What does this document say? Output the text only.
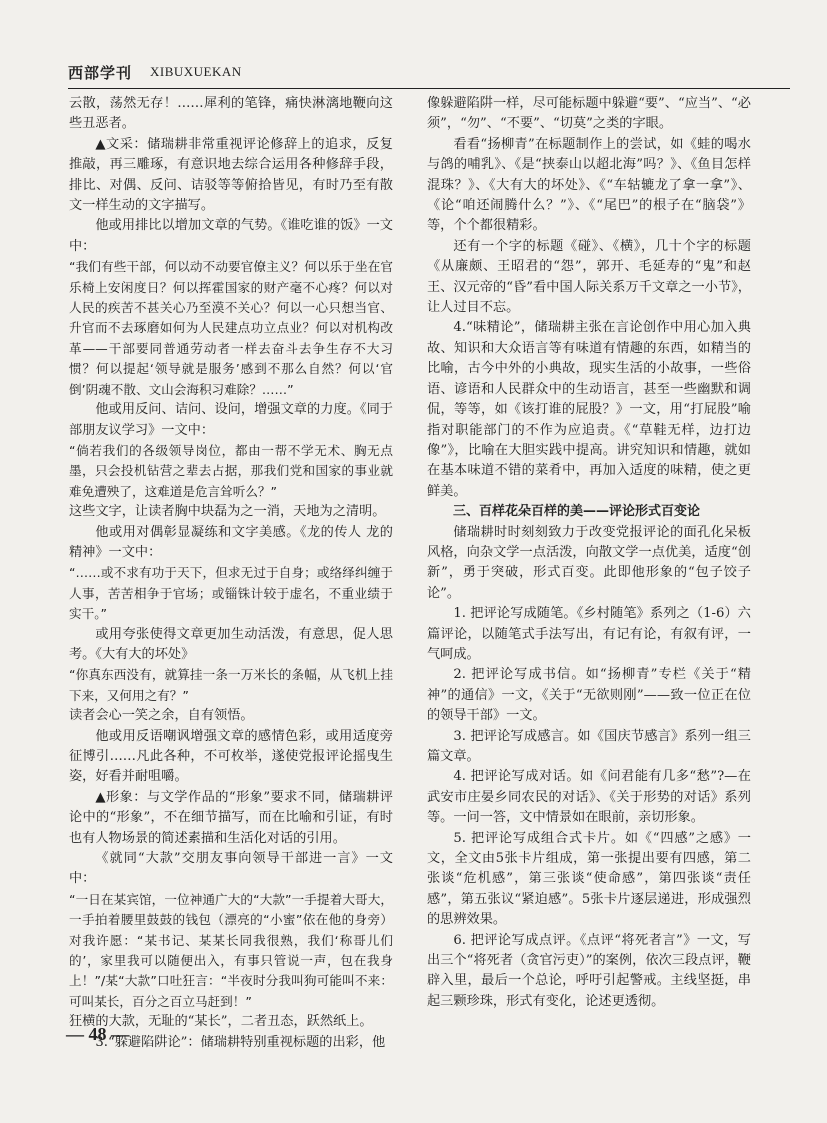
西部学刊 XIBUXUEKAN

云散，荡然无存！……犀利的笔锋，痛快淋漓地鞭向这些丑恶者。

▲文采：储瑞耕非常重视评论修辞上的追求，反复推敲，再三雕琢，有意识地去综合运用各种修辞手段，排比、对偶、反问、诘驳等等俯拾皆见，有时乃至有散文一样生动的文字描写。

他或用排比以增加文章的气势。《谁吃谁的饭》一文中：

“我们有些干部，何以动不动要官僚主义？何以乐于坐在官乐椅上安闲度日？何以挥霍国家的财产毫不心疼？何以对人民的疾苦不甚关心乃至漠不关心？何以一心只想当官、升官而不去琢磨如何为人民建点功立点业？何以对机构改革——干部要同普通劳动者一样去奋斗去争生存不大习惯？何以提起‘领导就是服务’感到不那么自然？何以‘官倒’阴魂不散、文山会海积习难除？……”

他或用反问、诘问、设问，增强文章的力度。《同于部朋友议学习》一文中：

“倘若我们的各级领导岗位，都由一帮不学无术、胸无点墨，只会投机钻营之辈去占据，那我们党和国家的事业就难免遭殃了，这难道是危言耸听么？”

这些文字，让读者胸中块磊为之一消，天地为之清明。

他或用对偶彰显凝练和文字美感。《龙的传人 龙的精神》一文中：

“……或不求有功于天下，但求无过于自身；或络绎纠缠于人事，苦苦相争于官场；或锱铢计较于虚名，不重业绩于实干。”

或用夸张使得文章更加生动活泼，有意思，促人思考。《大有大的坏处》

“你真东西没有，就算挂一条一万米长的条幅，从飞机上挂下来，又何用之有？”

读者会心一笑之余，自有领悟。

他或用反语嘲讽增强文章的感情色彩，或用适度旁征博引……凡此各种，不可枚举，遂使党报评论摇曳生姿，好看并耐咀嚼。

▲形象：与文学作品的“形象”要求不同，储瑞耕评论中的“形象”，不在细节描写，而在比喻和引证，有时也有人物场景的简述素描和生活化对话的引用。

《就同“大款”交朋友事向领导干部进一言》一文中：

“一日在某宾馆，一位神通广大的“大款”一手提着大哥大，一手拍着腰里鼓鼓的钱包（漂亮的“小蜜”依在他的身旁）对我许愿：“某书记、某某长同我很熟，我们‘称哥儿们的’，家里我可以随便出入，有事只管说一声，包在我身上！”/某“大款”口吐狂言：“半夜时分我叫狗可能叫不来：可叫某长，百分之百立马赶到！”

狂横的大款，无耻的“某长”，二者丑态，跃然纸上。

3.“躲避陷阱论”：储瑞耕特别重视标题的出彩，他

像躲避陷阱一样，尽可能标题中躲避“要”、“应当”、“必须”，“勿”、“不要”、“切莫”之类的字眼。

看看“扬柳青”在标题制作上的尝试，如《蛙的喝水与鸽的哺乳》、《是“挟泰山以超北海”吗？》、《鱼目怎样混珠？》、《大有大的坏处》、《“车轱辘龙了拿一拿”》、《论“咱还闹腾什么？”》、《“尾巴”的根子在“脑袋”》等，个个都很精彩。

还有一个字的标题《碰》、《横》，几十个字的标题《从廉颇、王昭君的“怨”，郭开、毛延寿的“鬼”和赵王、汉元帝的“昏”看中国人际关系万千文章之一小节》，让人过目不忘。

4.“味精论”，储瑞耕主张在言论创作中用心加入典故、知识和大众语言等有味道有情趣的东西，如精当的比喻，古今中外的小典故，现实生活的小故事，一些俗语、谚语和人民群众中的生动语言，甚至一些幽默和调侃，等等，如《该打谁的屁股？》一文，用“打屁股”喻指对职能部门的不作为应追责。《“草鞋无样，边打边像”》，比喻在大胆实践中提高。讲究知识和情趣，就如在基本味道不错的菜肴中，再加入适度的味精，使之更鲜美。

三、百样花朵百样的美——评论形式百变论

储瑞耕时时刻刻致力于改变党报评论的面孔化呆板风格，向杂文学一点活泼，向散文学一点优美，适度“创新”，勇于突破，形式百变。此即他形象的“包子饺子论”。

1. 把评论写成随笔。《乡村随笔》系列之（1-6）六篇评论，以随笔式手法写出，有记有论，有叙有评，一气呵成。

2. 把评论写成书信。如“扬柳青”专栏《关于“精神”的通信》一文，《关于“无欲则刚”——致一位正在位的领导干部》一文。

3. 把评论写成感言。如《国庆节感言》系列一组三篇文章。

4. 把评论写成对话。如《问君能有几多“愁”?—在武安市庄晏乡同农民的对话》、《关于形势的对话》系列等。一问一答，文中情景如在眼前，亲切形象。

5. 把评论写成组合式卡片。如《“四感”之感》一文，全文由5张卡片组成，第一张提出要有四感，第二张谈“危机感”，第三张谈“使命感”，第四张谈“责任感”，第五张议“紧迫感”。5张卡片逐层递进，形成强烈的思辨效果。

6. 把评论写成点评。《点评“将死者言”》一文，写出三个“将死者（贪官污吏）”的案例，依次三段点评，鞭辟入里，最后一个总论，呼吁引起警戒。主线坚挺，串起三颗珍珠，形式有变化，论述更透彻。

— 48 —
